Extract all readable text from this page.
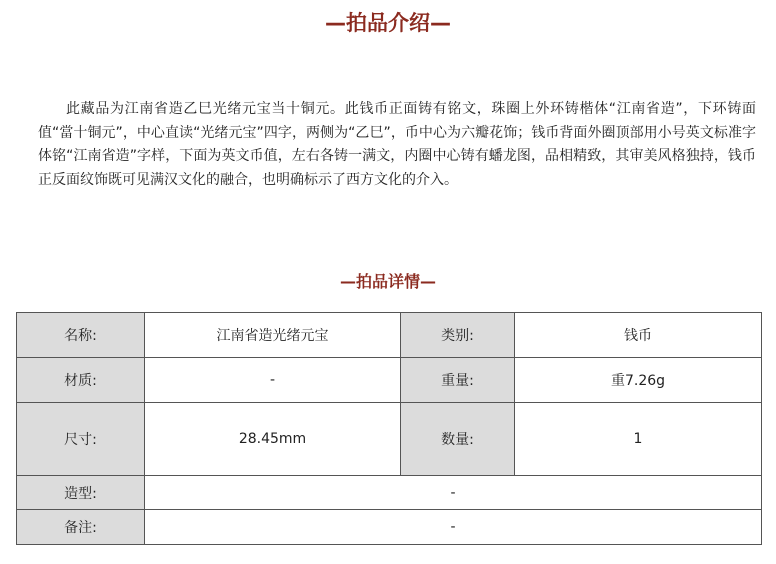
—拍品介绍—

此藏品为江南省造乙巳光绪元宝当十铜元。此钱币正面铸有铭文，珠圈上外环铸楷体“江南省造”，下环铸面值“當十铜元”，中心直读“光绪元宝”四字，两侧为“乙巳”，币中心为六瓣花饰；钱币背面外圈顶部用小号英文标准字体铭“江南省造”字样，下面为英文币值，左右各铸一满文，内圈中心铸有蟠龙图，品相精致，其审美风格独持，钱币正反面纹饰既可见满汉文化的融合，也明确标示了西方文化的介入。

—拍品详情—
名称:	江南省造光绪元宝	类别:	钱币
材质:	-	重量:	重7.26g
尺寸:	28.45mm	数量:	1
造型:	-		
备注:	-		
